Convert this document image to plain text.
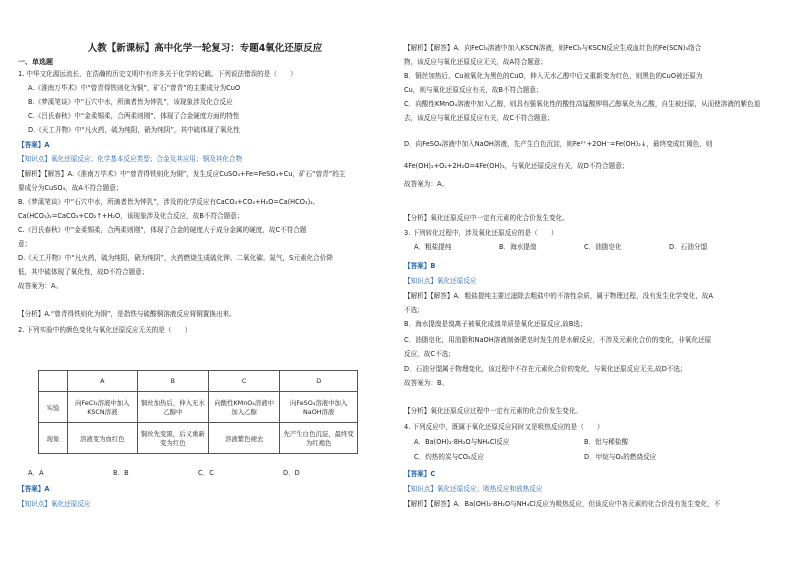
人教【新课标】高中化学一轮复习：专题4氧化还原反应
一、单选题
1. 中华文化源远流长，在浩瀚的历史文明中有许多关于化学的记载。下列说法错误的是（　　）
A.《淮南万毕术》中“曾青得铁则化为铜”，矿石“曾青”的主要成分为CuO
B.《梦溪笔谈》中“石穴中水，所滴者皆为钟乳”，该现象涉及化合反应
C.《吕氏春秋》中“金柔锡柔，合两柔则刚”，体现了合金硬度方面的特性
D.《天工开物》中“凡火药，硫为纯阳，硝为纯阴”，其中硫体现了氧化性
【答案】A
【知识点】氧化还原反应；化学基本反应类型；合金及其应用；铜及其化合物
【解析】【解答】A.《淮南万毕术》中“曾青得铁则化为铜”，发生反应CuSO₄+Fe=FeSO₄+Cu，矿石“曾青”的主
要成分为CuSO₄，故A不符合题意；
B.《梦溪笔谈》中“石穴中水，所滴者皆为钟乳”，涉及的化学反应有CaCO₃+CO₂+H₂O=Ca(HCO₃)₂、
Ca(HCO₃)₂=CaCO₃+CO₂↑+H₂O，该现象涉及化合反应，故B不符合题意；
C.《吕氏春秋》中“金柔锡柔，合两柔则刚”，体现了合金的硬度大于成分金属的硬度，故C不符合题
意；
D.《天工开物》中“凡火药，硫为纯阳，硝为纯阴”，火药燃烧生成硫化钾、二氧化碳、氮气，S元素化合价降
低，其中硫体现了氧化性，故D不符合题意；
故答案为：A。
【分析】A.“曾青得铁则化为铜”，是指铁与硫酸铜溶液反应将铜置换出来。
2. 下列实验中的颜色变化与氧化还原反应无关的是（　　）
	A	B	C	D
实验	向FeCl₃溶液中加入KSCN溶液	铜丝加热后，伸入无水乙醇中	向酸性KMnO₄溶液中加入乙醇	向FeSO₄溶液中加入NaOH溶液
现象	溶液变为血红色	铜丝先变黑，后又重新变为红色	溶液紫色褪去	先产生白色沉淀，最终变为红褐色
A．A	B．B	C．C	D．D
【答案】A
【知识点】氧化还原反应
【解析】【解答】A．向FeCl₃溶液中加入KSCN溶液，则FeCl₃与KSCN反应生成血红色的Fe(SCN)₃络合
物，该反应与氧化还原反应无关，故A符合题意；
B．铜丝加热后，Cu被氧化为黑色的CuO，伸入无水乙醇中后又重新变为红色，则黑色的CuO被还原为
Cu，则与氧化还原反应有关，故B不符合题意；
C．向酸性KMnO₄溶液中加入乙醇，则具有强氧化性的酸性高锰酸钾将乙醇氧化为乙酸，自生被还原，从而使溶液的紫色退
去，该反应与氧化还原反应有关，故C不符合题意；
D．向FeSO₄溶液中加入NaOH溶液，先产生白色沉淀，则Fe²⁺+2OH⁻=Fe(OH)₂↓，最终变成红褐色，则
4Fe(OH)₂+O₂+2H₂O=4Fe(OH)₃，与氧化还原反应有关，故D不符合题意；
故答案为：A。
【分析】氧化还原反应中一定有元素的化合价发生变化。
3. 下列转化过程中，涉及氧化还原反应的是（　　）
A．粗盐提纯	B．海水提溴	C．油脂皂化	D．石油分馏
【答案】B
【知识点】氧化还原反应
【解析】【解答】A．粗盐提纯主要过滤除去粗盐中的不溶性杂质，属于物理过程，没有发生化学变化，故A
不选；
B．海水提溴是溴离子被氧化成溴单质是氧化还原反应,故B选；
C．油脂皂化，用油脂和NaOH溶液制备肥皂时发生的是水解反应，不涉及元素化合价的变化，非氧化还原
反应，故C不选；
D．石油分馏属于物理变化，该过程中不存在元素化合价的变化，与氧化还原反应无关,故D不选；
故答案为：B。
【分析】氧化还原反应过程中一定有元素的化合价发生变化。
4. 下列反应中，既属于氧化还原反应同时又是吸热反应的是（　　）
A．Ba(OH)₂·8H₂O与NH₄Cl反应	B．铝与稀盐酸
C．灼热的炭与CO₂反应	D．甲烷与O₂的燃烧反应
【答案】C
【知识点】氧化还原反应；吸热反应和放热反应
【解析】【解答】A．Ba(OH)₂·8H₂O与NH₄Cl反应为吸热反应，但该反应中各元素的化合价没有发生变化，不
